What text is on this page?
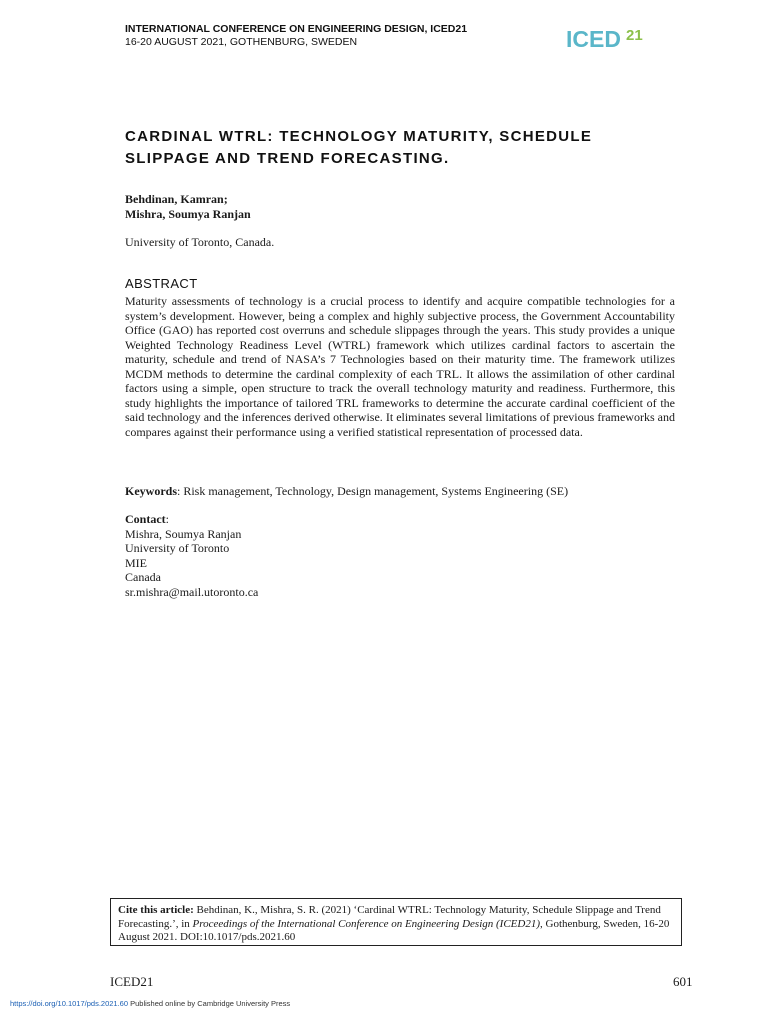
INTERNATIONAL CONFERENCE ON ENGINEERING DESIGN, ICED21
16-20 AUGUST 2021, GOTHENBURG, SWEDEN	ICED 21
CARDINAL WTRL: TECHNOLOGY MATURITY, SCHEDULE
SLIPPAGE AND TREND FORECASTING.
Behdinan, Kamran;
Mishra, Soumya Ranjan
University of Toronto, Canada.
ABSTRACT
Maturity assessments of technology is a crucial process to identify and acquire compatible technologies for a system’s development. However, being a complex and highly subjective process, the Government Accountability Office (GAO) has reported cost overruns and schedule slippages through the years. This study provides a unique Weighted Technology Readiness Level (WTRL) framework which utilizes cardinal factors to ascertain the maturity, schedule and trend of NASA’s 7 Technologies based on their maturity time. The framework utilizes MCDM methods to determine the cardinal complexity of each TRL. It allows the assimilation of other cardinal factors using a simple, open structure to track the overall technology maturity and readiness. Furthermore, this study highlights the importance of tailored TRL frameworks to determine the accurate cardinal coefficient of the said technology and the inferences derived otherwise. It eliminates several limitations of previous frameworks and compares against their performance using a verified statistical representation of processed data.
Keywords: Risk management, Technology, Design management, Systems Engineering (SE)
Contact:
Mishra, Soumya Ranjan
University of Toronto
MIE
Canada
sr.mishra@mail.utoronto.ca
Cite this article: Behdinan, K., Mishra, S. R. (2021) ‘Cardinal WTRL: Technology Maturity, Schedule Slippage and Trend Forecasting.’, in Proceedings of the International Conference on Engineering Design (ICED21), Gothenburg, Sweden, 16-20 August 2021. DOI:10.1017/pds.2021.60
ICED21	601
https://doi.org/10.1017/pds.2021.60 Published online by Cambridge University Press
